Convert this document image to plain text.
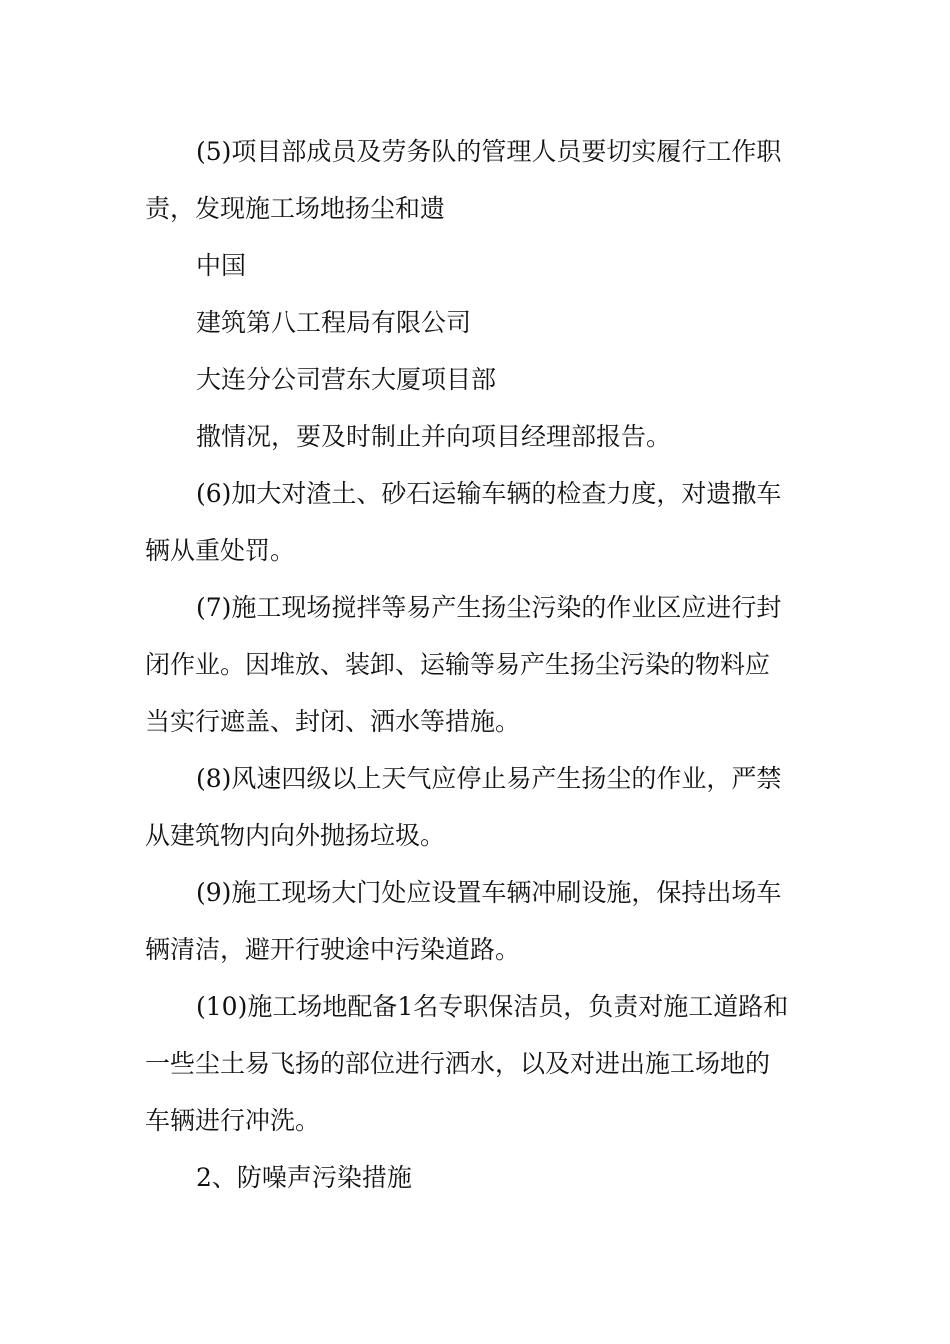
(5)项目部成员及劳务队的管理人员要切实履行工作职
责，发现施工场地扬尘和遗
中国
建筑第八工程局有限公司
大连分公司营东大厦项目部
撒情况，要及时制止并向项目经理部报告。
(6)加大对渣土、砂石运输车辆的检查力度，对遗撒车
辆从重处罚。
(7)施工现场搅拌等易产生扬尘污染的作业区应进行封
闭作业。因堆放、装卸、运输等易产生扬尘污染的物料应
当实行遮盖、封闭、洒水等措施。
(8)风速四级以上天气应停止易产生扬尘的作业，严禁
从建筑物内向外抛扬垃圾。
(9)施工现场大门处应设置车辆冲刷设施，保持出场车
辆清洁，避开行驶途中污染道路。
(10)施工场地配备1名专职保洁员，负责对施工道路和
一些尘土易飞扬的部位进行洒水，以及对进出施工场地的
车辆进行冲洗。
2、防噪声污染措施
